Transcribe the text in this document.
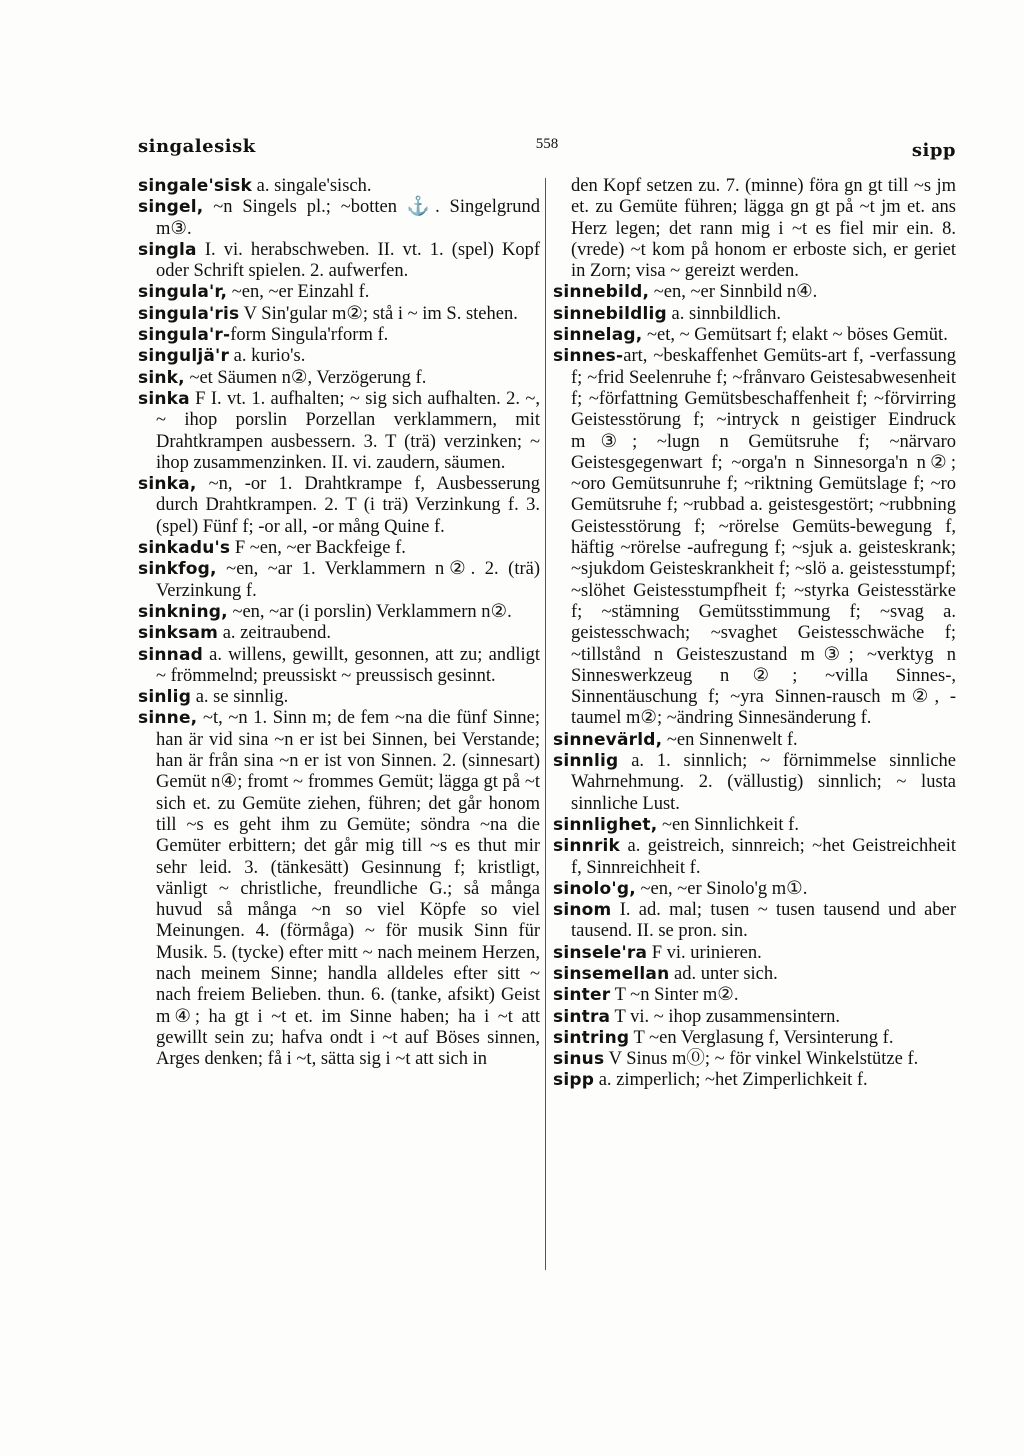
singalesisk	558	sipp

singale'sisk a. singale'sisch.

singel, ~n Singels pl.; ~botten ⚓. Singelgrund m③.

singla I. vi. herabschweben. II. vt. 1. (spel) Kopf oder Schrift spielen. 2. aufwerfen.

singula'r, ~en, ~er Einzahl f.

singula'ris V Sin'gular m②; stå i ~ im S. stehen.

singula'r-form Singula'rform f.

singuljä'r a. kurio's.

sink, ~et Säumen n②, Verzögerung f.

sinka F I. vt. 1. aufhalten; ~ sig sich aufhalten. 2. ~, ~ ihop porslin Porzellan verklammern, mit Drahtkrampen ausbessern. 3. T (trä) verzinken; ~ ihop zusammenzinken. II. vi. zaudern, säumen.

sinka, ~n, -or 1. Drahtkrampe f, Ausbesserung durch Drahtkrampen. 2. T (i trä) Verzinkung f. 3. (spel) Fünf f; -or all, -or mång Quine f.

sinkadu's F ~en, ~er Backfeige f.

sinkfog, ~en, ~ar 1. Verklammern n②. 2. (trä) Verzinkung f.

sinkning, ~en, ~ar (i porslin) Verklammern n②.

sinksam a. zeitraubend.

sinnad a. willens, gewillt, gesonnen, att zu; andligt ~ frömmelnd; preussiskt ~ preussisch gesinnt.

sinlig a. se sinnlig.

sinne, ~t, ~n 1. Sinn m; de fem ~na die fünf Sinne; han är vid sina ~n er ist bei Sinnen, bei Verstande; han är från sina ~n er ist von Sinnen. 2. (sinnesart) Gemüt n④; fromt ~ frommes Gemüt; lägga gt på ~t sich et. zu Gemüte ziehen, führen; det går honom till ~s es geht ihm zu Gemüte; söndra ~na die Gemüter erbittern; det går mig till ~s es thut mir sehr leid. 3. (tänkesätt) Gesinnung f; kristligt, vänligt ~ christliche, freundliche G.; så många huvud så många ~n so viel Köpfe so viel Meinungen. 4. (förmåga) ~ för musik Sinn für Musik. 5. (tycke) efter mitt ~ nach meinem Herzen, nach meinem Sinne; handla alldeles efter sitt ~ nach freiem Belieben. thun. 6. (tanke, afsikt) Geist m④; ha gt i ~t et. im Sinne haben; ha i ~t att gewillt sein zu; hafva ondt i ~t auf Böses sinnen, Arges denken; få i ~t, sätta sig i ~t att sich in

den Kopf setzen zu. 7. (minne) föra gn gt till ~s jm et. zu Gemüte führen; lägga gn gt på ~t jm et. ans Herz legen; det rann mig i ~t es fiel mir ein. 8. (vrede) ~t kom på honom er erboste sich, er geriet in Zorn; visa ~ gereizt werden.

sinnebild, ~en, ~er Sinnbild n④.

sinnebildlig a. sinnbildlich.

sinnelag, ~et, ~ Gemütsart f; elakt ~ böses Gemüt.

sinnes-art, ~beskaffenhet Gemüts-art f, -verfassung f; ~frid Seelenruhe f; ~frånvaro Geistesabwesenheit f; ~författning Gemütsbeschaffenheit f; ~förvirring Geistesstörung f; ~intryck n geistiger Eindruck m③; ~lugn n Gemütsruhe f; ~närvaro Geistesgegenwart f; ~orga'n n Sinnesorga'n n②; ~oro Gemütsunruhe f; ~riktning Gemütslage f; ~ro Gemütsruhe f; ~rubbad a. geistesgestört; ~rubbning Geistesstörung f; ~rörelse Gemüts-bewegung f, häftig ~rörelse -aufregung f; ~sjuk a. geisteskrank; ~sjukdom Geisteskrankheit f; ~slö a. geistesstumpf; ~slöhet Geistesstumpfheit f; ~styrka Geistesstärke f; ~stämning Gemütsstimmung f; ~svag a. geistesschwach; ~svaghet Geistesschwäche f; ~tillstånd n Geisteszustand m③; ~verktyg n Sinneswerkzeug n②; ~villa Sinnes-, Sinnentäuschung f; ~yra Sinnen-rausch m②, -taumel m②; ~ändring Sinnesänderung f.

sinnevärld, ~en Sinnenwelt f.

sinnlig a. 1. sinnlich; ~ förnimmelse sinnliche Wahrnehmung. 2. (vällustig) sinnlich; ~ lusta sinnliche Lust.

sinnlighet, ~en Sinnlichkeit f.

sinnrik a. geistreich, sinnreich; ~het Geistreichheit f, Sinnreichheit f.

sinolo'g, ~en, ~er Sinolo'g m①.

sinom I. ad. mal; tusen ~ tusen tausend und aber tausend. II. se pron. sin.

sinsele'ra F vi. urinieren.

sinsemellan ad. unter sich.

sinter T ~n Sinter m②.

sintra T vi. ~ ihop zusammensintern.

sintring T ~en Verglasung f, Versinterung f.

sinus V Sinus m⓪; ~ för vinkel Winkelstütze f.

sipp a. zimperlich; ~het Zimperlichkeit f.
